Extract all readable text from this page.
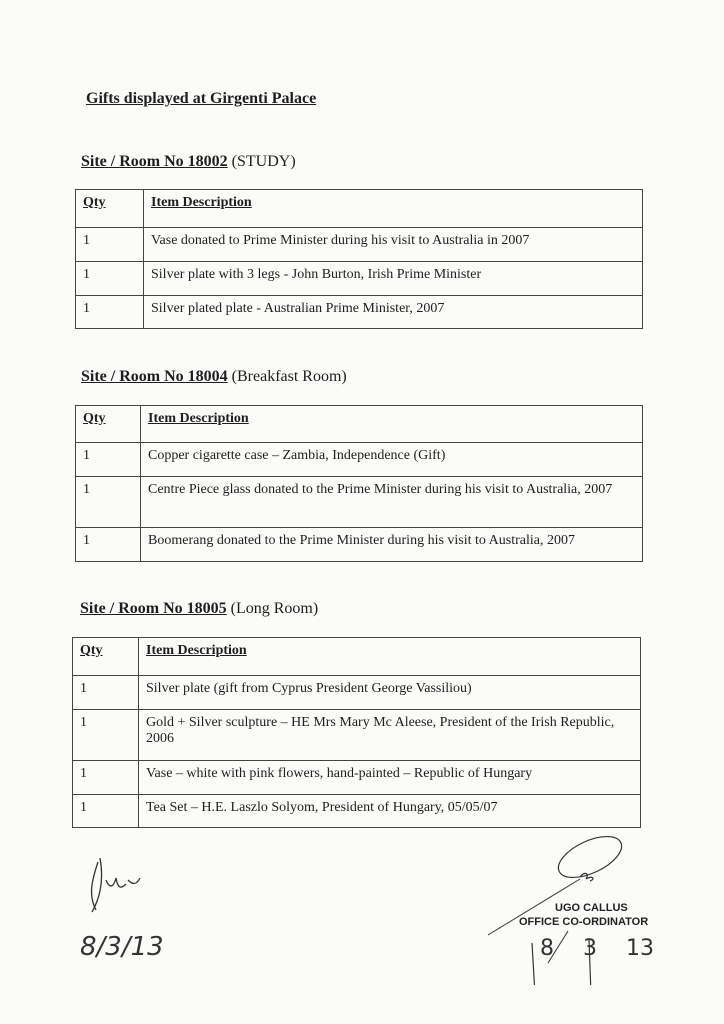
Gifts displayed at Girgenti Palace
Site / Room No 18002 (STUDY)
Qty	Item Description
1	Vase donated to Prime Minister during his visit to Australia in 2007
1	Silver plate with 3 legs - John Burton, Irish Prime Minister
1	Silver plated plate - Australian Prime Minister, 2007
Site / Room No 18004 (Breakfast Room)
Qty	Item Description
1	Copper cigarette case – Zambia, Independence (Gift)
1	Centre Piece glass donated to the Prime Minister during his visit to Australia, 2007
1	Boomerang donated to the Prime Minister during his visit to Australia, 2007
Site / Room No 18005 (Long Room)
Qty	Item Description
1	Silver plate (gift from Cyprus President George Vassiliou)
1	Gold + Silver sculpture – HE Mrs Mary Mc Aleese, President of the Irish Republic, 2006
1	Vase – white with pink flowers, hand-painted – Republic of Hungary
1	Tea Set – H.E. Laszlo Solyom, President of Hungary, 05/05/07
8/3/13
UGO CALLUS
OFFICE CO-ORDINATOR
8 3 13
